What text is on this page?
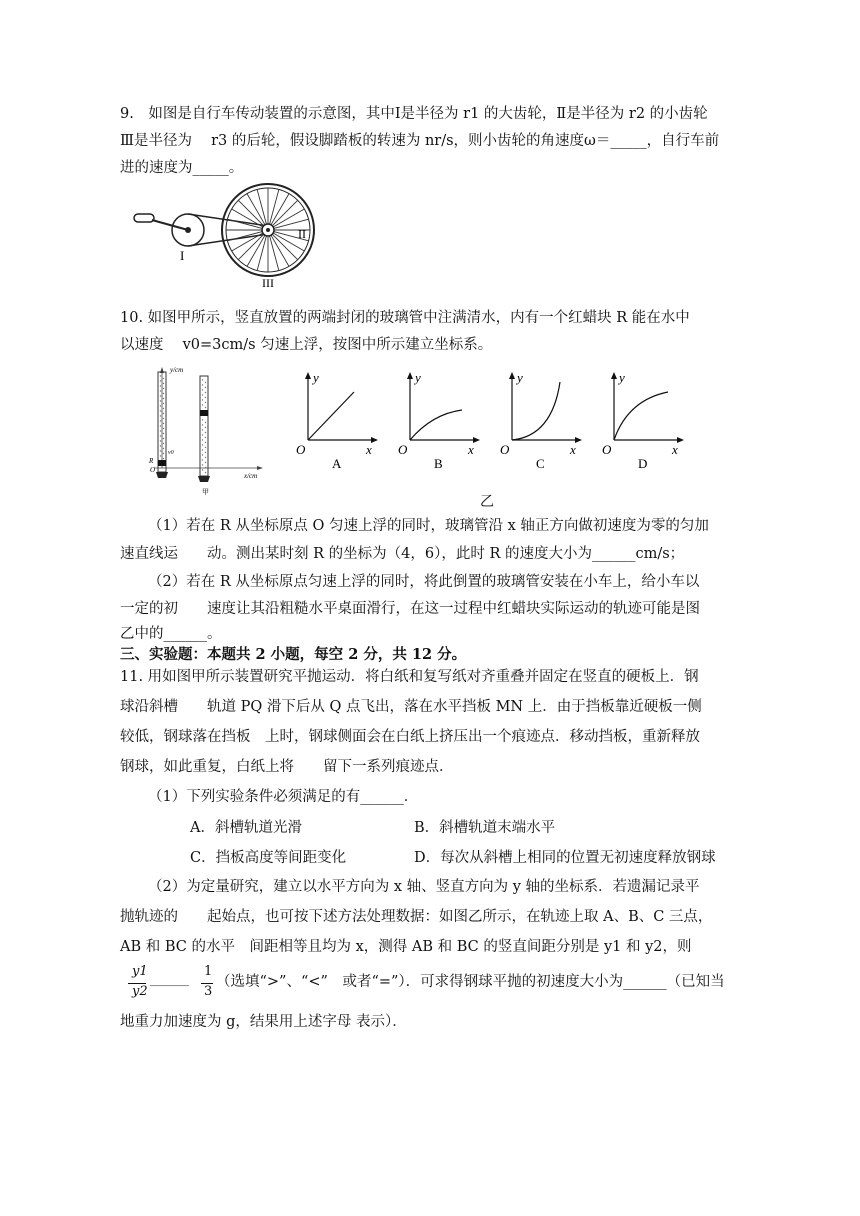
9.　如图是自行车传动装置的示意图，其中Ⅰ是半径为 r1 的大齿轮，Ⅱ是半径为 r2 的小齿轮
Ⅲ是半径为　 r3 的后轮，假设脚踏板的转速为 nr/s，则小齿轮的角速度ω＝_____，自行车前
进的速度为_____。
I
II
III
10. 如图甲所示，竖直放置的两端封闭的玻璃管中注满清水，内有一个红蜡块 R 能在水中
以速度　 v0=3cm/s 匀速上浮，按图中所示建立坐标系。
y/cm
x/cm
v0
R
O
甲
y
x
O
A
y
x
O
B
y
x
O
C
y
x
O
D
乙
（1）若在 R 从坐标原点 O 匀速上浮的同时，玻璃管沿 x 轴正方向做初速度为零的匀加
速直线运　　动。测出某时刻 R 的坐标为（4，6），此时 R 的速度大小为______cm/s；
（2）若在 R 从坐标原点匀速上浮的同时，将此倒置的玻璃管安装在小车上，给小车以
一定的初　　速度让其沿粗糙水平桌面滑行，在这一过程中红蜡块实际运动的轨迹可能是图
乙中的______。
三、实验题：本题共 2 小题，每空 2 分，共 12 分。
11. 用如图甲所示装置研究平抛运动．将白纸和复写纸对齐重叠并固定在竖直的硬板上．钢
球沿斜槽　　轨道 PQ 滑下后从 Q 点飞出，落在水平挡板 MN 上．由于挡板靠近硬板一侧
较低，钢球落在挡板　上时，钢球侧面会在白纸上挤压出一个痕迹点．移动挡板，重新释放
钢球，如此重复，白纸上将　　留下一系列痕迹点．
（1）下列实验条件必须满足的有______．
A．斜槽轨道光滑	B．斜槽轨道末端水平
C．挡板高度等间距变化	D．每次从斜槽上相同的位置无初速度释放钢球
（2）为定量研究，建立以水平方向为 x 轴、竖直方向为 y 轴的坐标系．若遗漏记录平
抛轨迹的　　起始点，也可按下述方法处理数据：如图乙所示，在轨迹上取 A、B、C 三点，
AB 和 BC 的水平　间距相等且均为 x，测得 AB 和 BC 的竖直间距分别是 y1 和 y2，则
y1
y2
______
1
3
（选填“>”、“<”　或者“=”）．可求得钢球平抛的初速度大小为______（已知当
地重力加速度为 g，结果用上述字母 表示）．
